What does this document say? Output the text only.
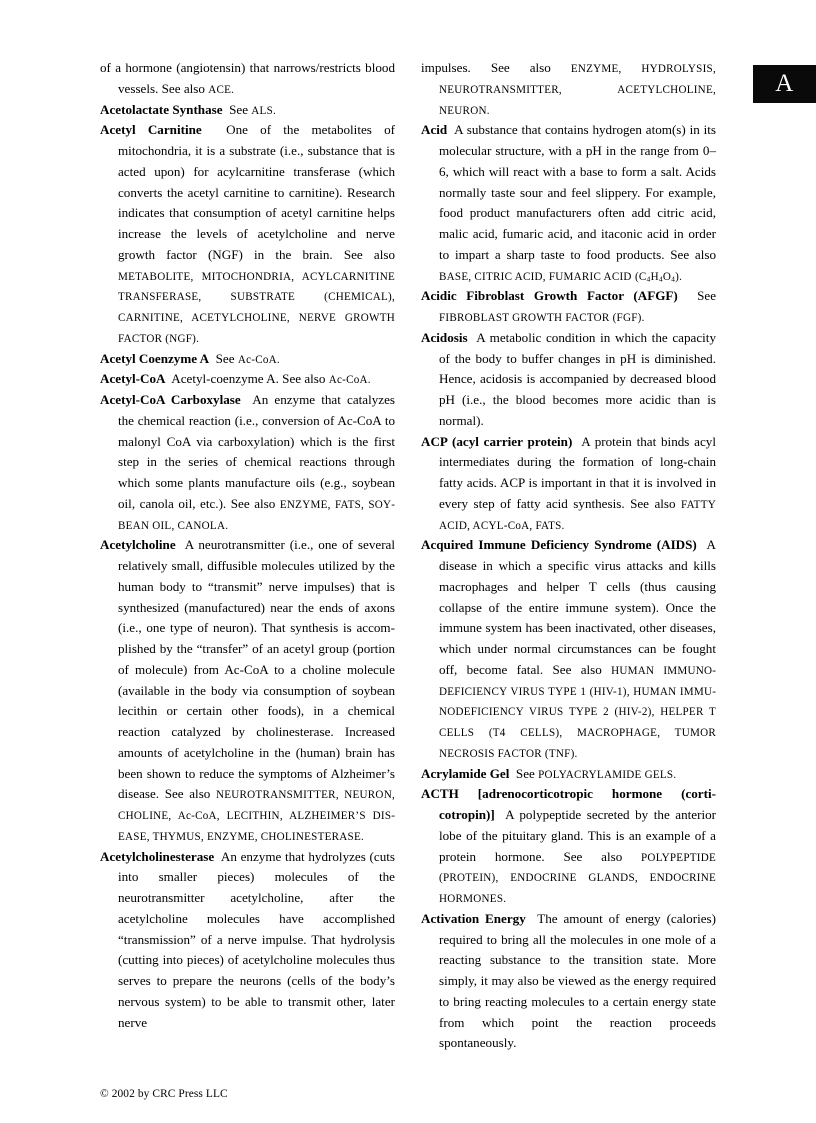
A

of a hormone (angiotensin) that narrows/restricts blood vessels. See also ACE.

Acetolactate Synthase See ALS.

Acetyl Carnitine One of the metabolites of mitochondria, it is a substrate (i.e., substance that is acted upon) for acylcarnitine transferase (which converts the acetyl carnitine to carnitine). Research indicates that consumption of acetyl carnitine helps increase the levels of acetylcholine and nerve growth factor (NGF) in the brain. See also METABOLITE, MITOCHONDRIA, ACYLCARNITINE TRANSFERASE, SUBSTRATE (CHEMICAL), CARNITINE, ACETYLCHOLINE, NERVE GROWTH FACTOR (NGF).

Acetyl Coenzyme A See Ac-CoA.

Acetyl-CoA Acetyl-coenzyme A. See also Ac-CoA.

Acetyl-CoA Carboxylase An enzyme that catalyzes the chemical reaction (i.e., conversion of Ac-CoA to malonyl CoA via carboxylation) which is the first step in the series of chemical reactions through which some plants manufacture oils (e.g., soybean oil, canola oil, etc.). See also ENZYME, FATS, SOYBEAN OIL, CANOLA.

Acetylcholine A neurotransmitter (i.e., one of several relatively small, diffusible molecules utilized by the human body to “transmit” nerve impulses) that is synthesized (manufactured) near the ends of axons (i.e., one type of neuron). That synthesis is accomplished by the “transfer” of an acetyl group (portion of molecule) from Ac-CoA to a choline molecule (available in the body via consumption of soybean lecithin or certain other foods), in a chemical reaction catalyzed by cholinesterase. Increased amounts of acetylcholine in the (human) brain has been shown to reduce the symptoms of Alzheimer’s disease. See also NEUROTRANSMITTER, NEURON, CHOLINE, Ac-CoA, LECITHIN, ALZHEIMER’S DISEASE, THYMUS, ENZYME, CHOLINESTERASE.

Acetylcholinesterase An enzyme that hydrolyzes (cuts into smaller pieces) molecules of the neurotransmitter acetylcholine, after the acetylcholine molecules have accomplished “transmission” of a nerve impulse. That hydrolysis (cutting into pieces) of acetylcholine molecules thus serves to prepare the neurons (cells of the body’s nervous system) to be able to transmit other, later nerve

impulses. See also ENZYME, HYDROLYSIS, NEUROTRANSMITTER, ACETYLCHOLINE, NEURON.

Acid A substance that contains hydrogen atom(s) in its molecular structure, with a pH in the range from 0–6, which will react with a base to form a salt. Acids normally taste sour and feel slippery. For example, food product manufacturers often add citric acid, malic acid, fumaric acid, and itaconic acid in order to impart a sharp taste to food products. See also BASE, CITRIC ACID, FUMARIC ACID $(C_4H_4O_4)$.

Acidic Fibroblast Growth Factor (AFGF) See FIBROBLAST GROWTH FACTOR (FGF).

Acidosis A metabolic condition in which the capacity of the body to buffer changes in pH is diminished. Hence, acidosis is accompanied by decreased blood pH (i.e., the blood becomes more acidic than is normal).

ACP (acyl carrier protein) A protein that binds acyl intermediates during the formation of long-chain fatty acids. ACP is important in that it is involved in every step of fatty acid synthesis. See also FATTY ACID, ACYL-CoA, FATS.

Acquired Immune Deficiency Syndrome (AIDS) A disease in which a specific virus attacks and kills macrophages and helper T cells (thus causing collapse of the entire immune system). Once the immune system has been inactivated, other diseases, which under normal circumstances can be fought off, become fatal. See also HUMAN IMMUNODEFICIENCY VIRUS TYPE 1 (HIV-1), HUMAN IMMUNODEFICIENCY VIRUS TYPE 2 (HIV-2), HELPER T CELLS (T4 CELLS), MACROPHAGE, TUMOR NECROSIS FACTOR (TNF).

Acrylamide Gel See POLYACRYLAMIDE GELS.

ACTH [adrenocorticotropic hormone (corticotropin)] A polypeptide secreted by the anterior lobe of the pituitary gland. This is an example of a protein hormone. See also POLYPEPTIDE (PROTEIN), ENDOCRINE GLANDS, ENDOCRINE HORMONES.

Activation Energy The amount of energy (calories) required to bring all the molecules in one mole of a reacting substance to the transition state. More simply, it may also be viewed as the energy required to bring reacting molecules to a certain energy state from which point the reaction proceeds spontaneously.

© 2002 by CRC Press LLC
